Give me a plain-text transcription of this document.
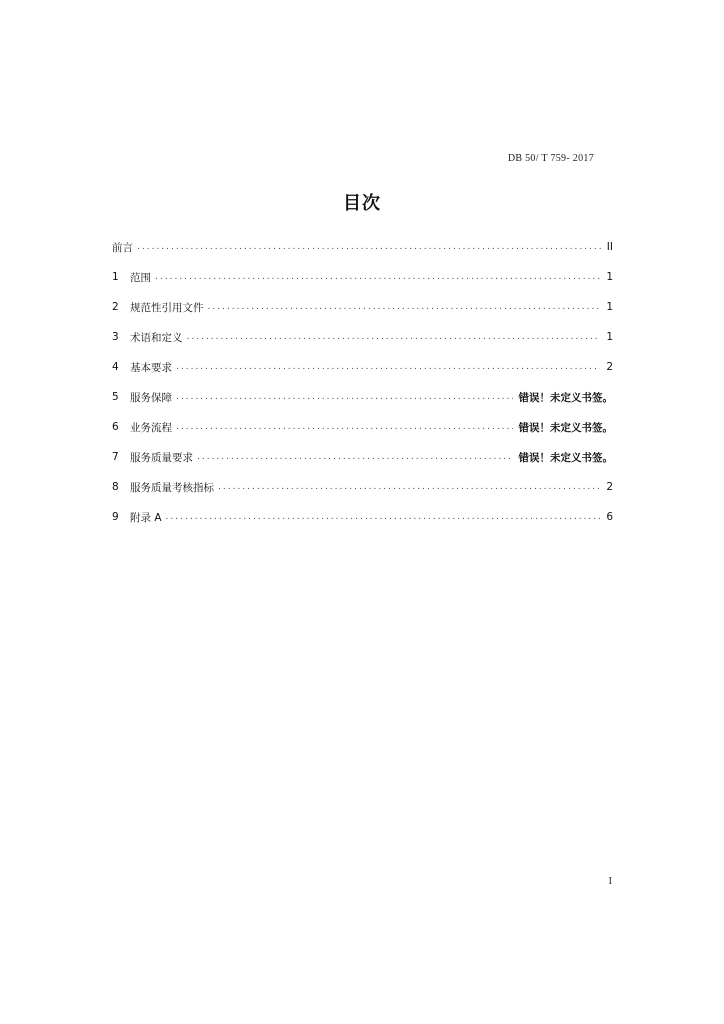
DB 50/ T 759- 2017
目次
前言 .....	II
1	范围 .....	1
2	规范性引用文件 .....	1
3	术语和定义 .....	1
4	基本要求 .....	2
5	服务保障 .....	错误！未定义书签。
6	业务流程 .....	错误！未定义书签。
7	服务质量要求 .....	错误！未定义书签。
8	服务质量考核指标 .....	2
9	附录 A .....	6
I
